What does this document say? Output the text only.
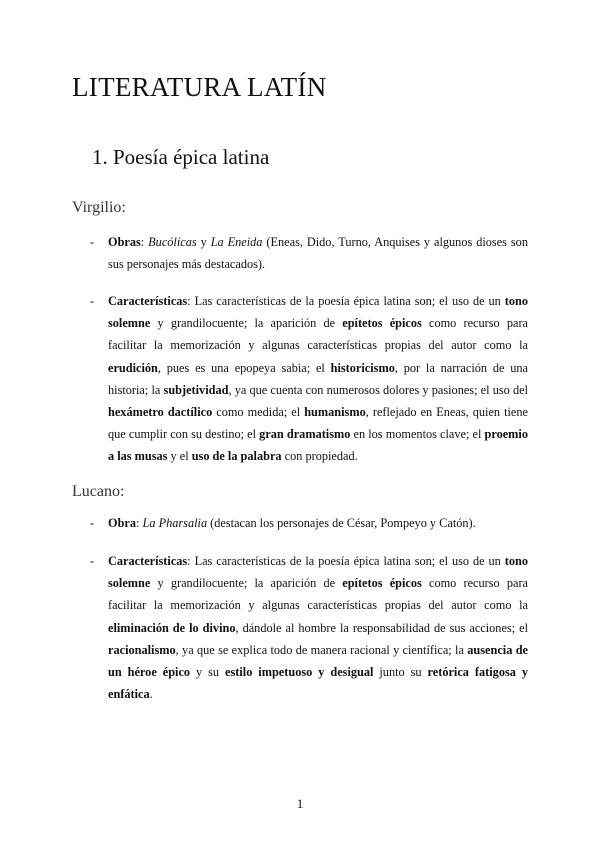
LITERATURA LATÍN
1. Poesía épica latina
Virgilio:
- Obras: Bucólicas y La Eneida (Eneas, Dido, Turno, Anquises y algunos dioses son sus personajes más destacados).
- Características: Las características de la poesía épica latina son; el uso de un tono solemne y grandilocuente; la aparición de epítetos épicos como recurso para facilitar la memorización y algunas características propias del autor como la erudición, pues es una epopeya sabia; el historicismo, por la narración de una historia; la subjetividad, ya que cuenta con numerosos dolores y pasiones; el uso del hexámetro dactílico como medida; el humanismo, reflejado en Eneas, quien tiene que cumplir con su destino; el gran dramatismo en los momentos clave; el proemio a las musas y el uso de la palabra con propiedad.
Lucano:
- Obra: La Pharsalia (destacan los personajes de César, Pompeyo y Catón).
- Características: Las características de la poesía épica latina son; el uso de un tono solemne y grandilocuente; la aparición de epítetos épicos como recurso para facilitar la memorización y algunas características propias del autor como la eliminación de lo divino, dándole al hombre la responsabilidad de sus acciones; el racionalismo, ya que se explica todo de manera racional y científica; la ausencia de un héroe épico y su estilo impetuoso y desigual junto su retórica fatigosa y enfática.
1
